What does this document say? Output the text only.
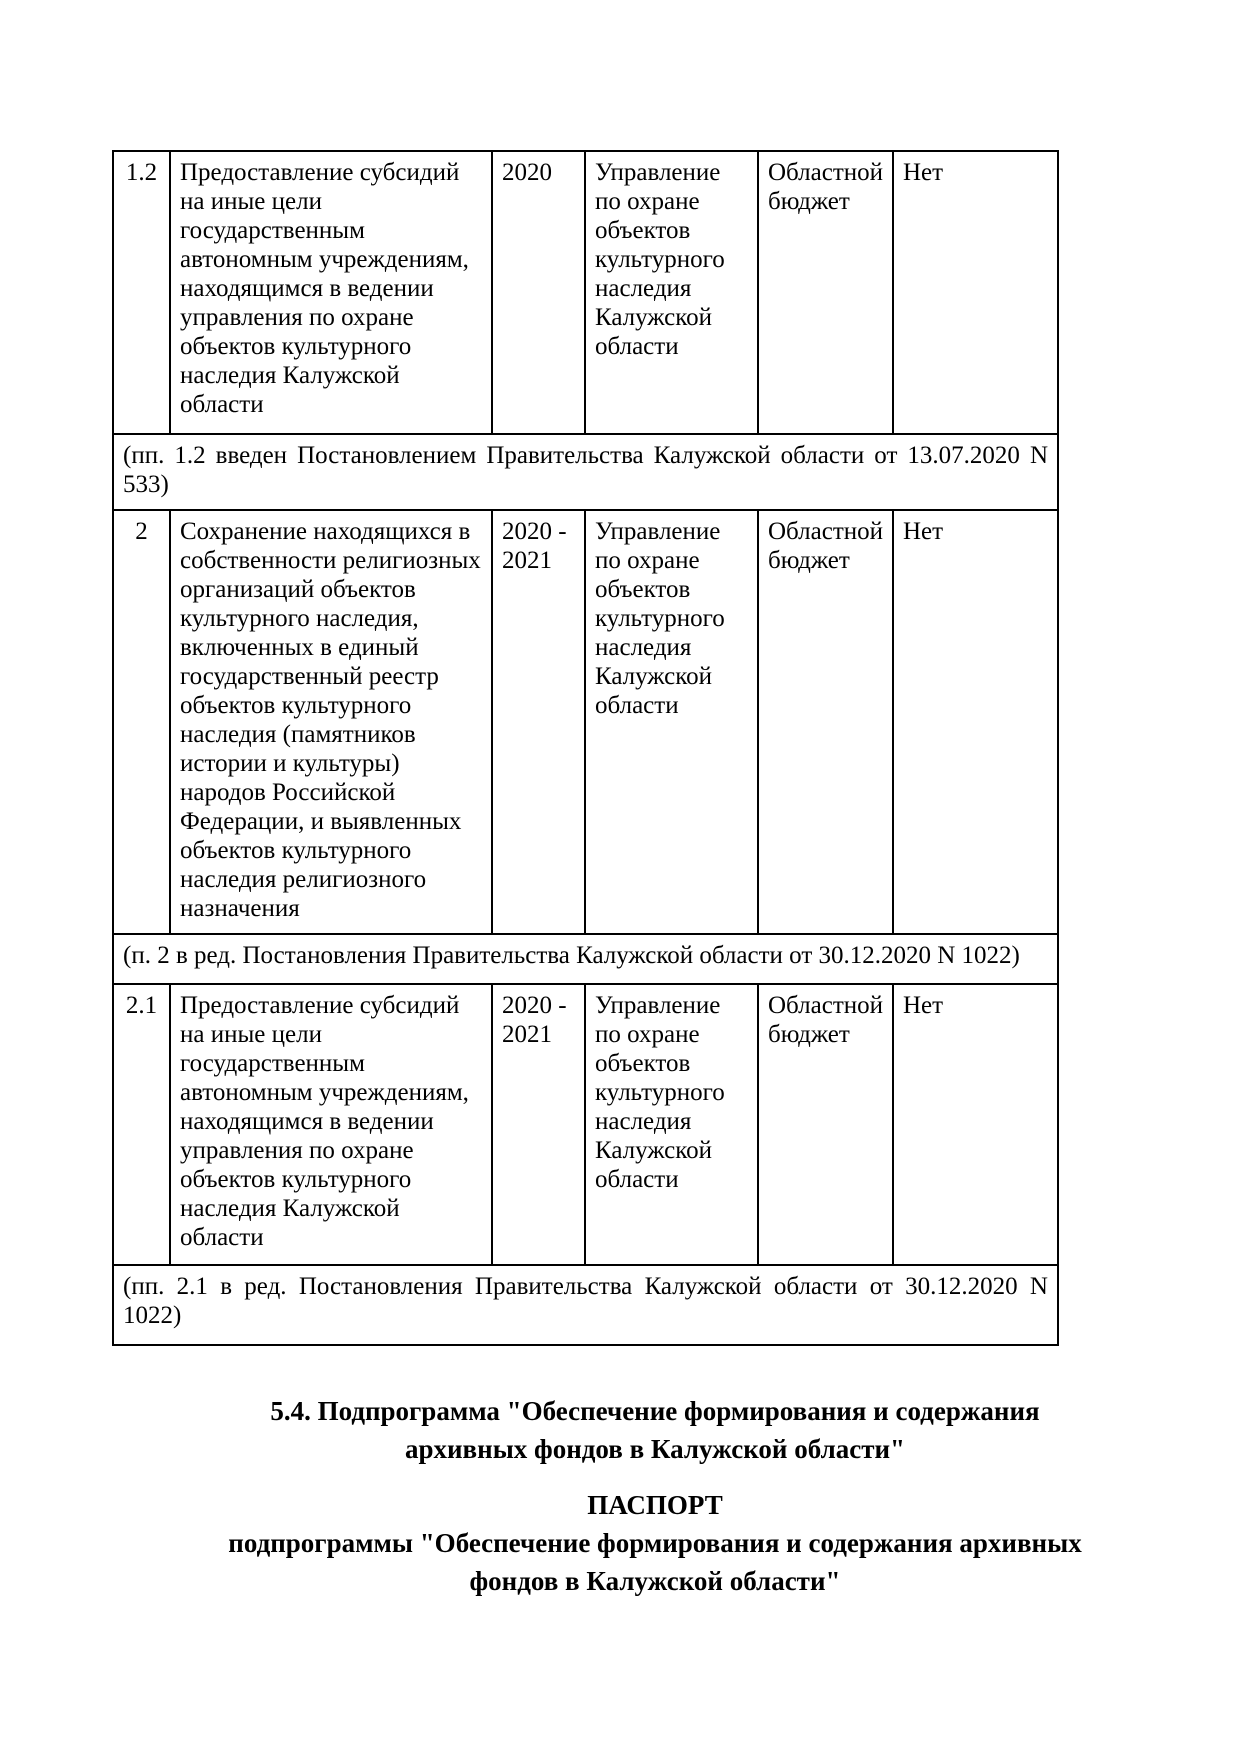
1.2	Предоставление субсидий на иные цели государственным автономным учреждениям, находящимся в ведении управления по охране объектов культурного наследия Калужской области	2020	Управление по охране объектов культурного наследия Калужской области	Областной бюджет	Нет

(пп. 1.2 введен Постановлением Правительства Калужской области от 13.07.2020 N
533)					

2	Сохранение находящихся в собственности религиозных организаций объектов культурного наследия, включенных в единый государственный реестр объектов культурного наследия (памятников истории и культуры) народов Российской Федерации, и выявленных объектов культурного наследия религиозного назначения	2020 - 2021	Управление по охране объектов культурного наследия Калужской области	Областной бюджет	Нет

(п. 2 в ред. Постановления Правительства Калужской области от 30.12.2020 N 1022)					

2.1	Предоставление субсидий на иные цели государственным автономным учреждениям, находящимся в ведении управления по охране объектов культурного наследия Калужской области	2020 - 2021	Управление по охране объектов культурного наследия Калужской области	Областной бюджет	Нет

(пп. 2.1 в ред. Постановления Правительства Калужской области от 30.12.2020 N
1022)					
5.4. Подпрограмма "Обеспечение формирования и содержания
архивных фондов в Калужской области"
ПАСПОРТ
подпрограммы "Обеспечение формирования и содержания архивных
фондов в Калужской области"
